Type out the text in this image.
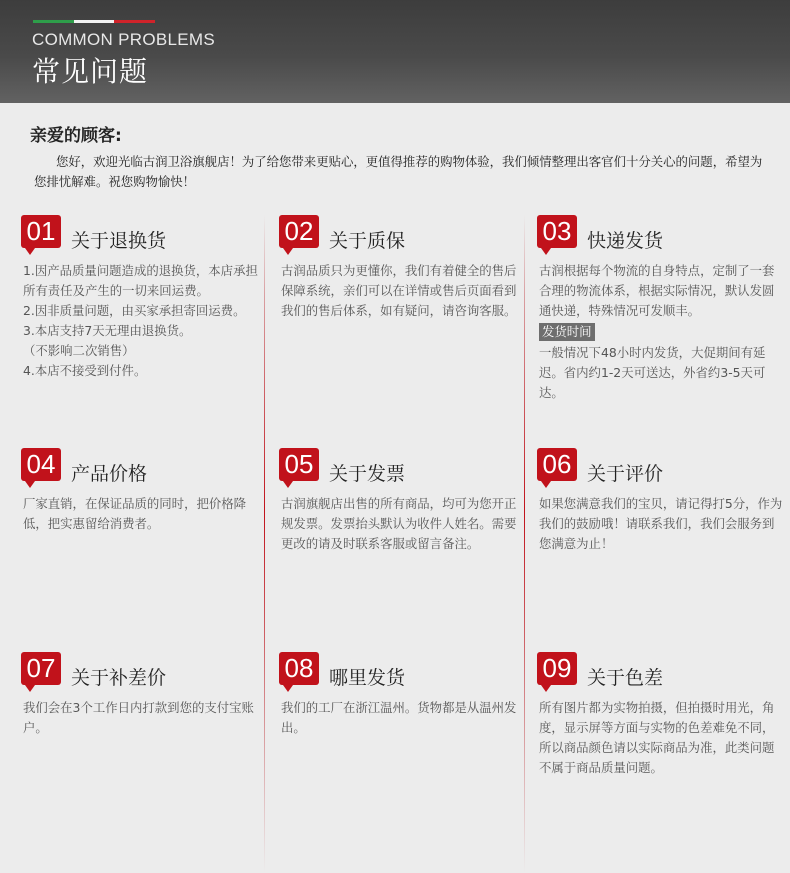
COMMON PROBLEMS
常见问题
亲爱的顾客:
您好，欢迎光临古润卫浴旗舰店！为了给您带来更贴心，更值得推荐的购物体验，我们倾情整理出客官们十分关心的问题，希望为您排忧解难。祝您购物愉快！
01 关于退换货

1.因产品质量问题造成的退换货，本店承担所有责任及产生的一切来回运费。

2.因非质量问题，由买家承担寄回运费。

3.本店支持7天无理由退换货。

（不影响二次销售）

4.本店不接受到付件。

02 关于质保

古润品质只为更懂你，我们有着健全的售后保障系统，亲们可以在详情或售后页面看到我们的售后体系，如有疑问，请咨询客服。

03 快递发货

古润根据每个物流的自身特点，定制了一套合理的物流体系，根据实际情况，默认发圆通快递，特殊情况可发顺丰。

发货时间

一般情况下48小时内发货，大促期间有延迟。省内约1-2天可送达，外省约3-5天可达。

04 产品价格

厂家直销，在保证品质的同时，把价格降低，把实惠留给消费者。

05 关于发票

古润旗舰店出售的所有商品，均可为您开正规发票。发票抬头默认为收件人姓名。需要更改的请及时联系客服或留言备注。

06 关于评价

如果您满意我们的宝贝，请记得打5分，作为我们的鼓励哦！请联系我们，我们会服务到您满意为止！

07 关于补差价

我们会在3个工作日内打款到您的支付宝账户。

08 哪里发货

我们的工厂在浙江温州。货物都是从温州发出。

09 关于色差

所有图片都为实物拍摄，但拍摄时用光，角度，显示屏等方面与实物的色差难免不同，所以商品颜色请以实际商品为准，此类问题不属于商品质量问题。
